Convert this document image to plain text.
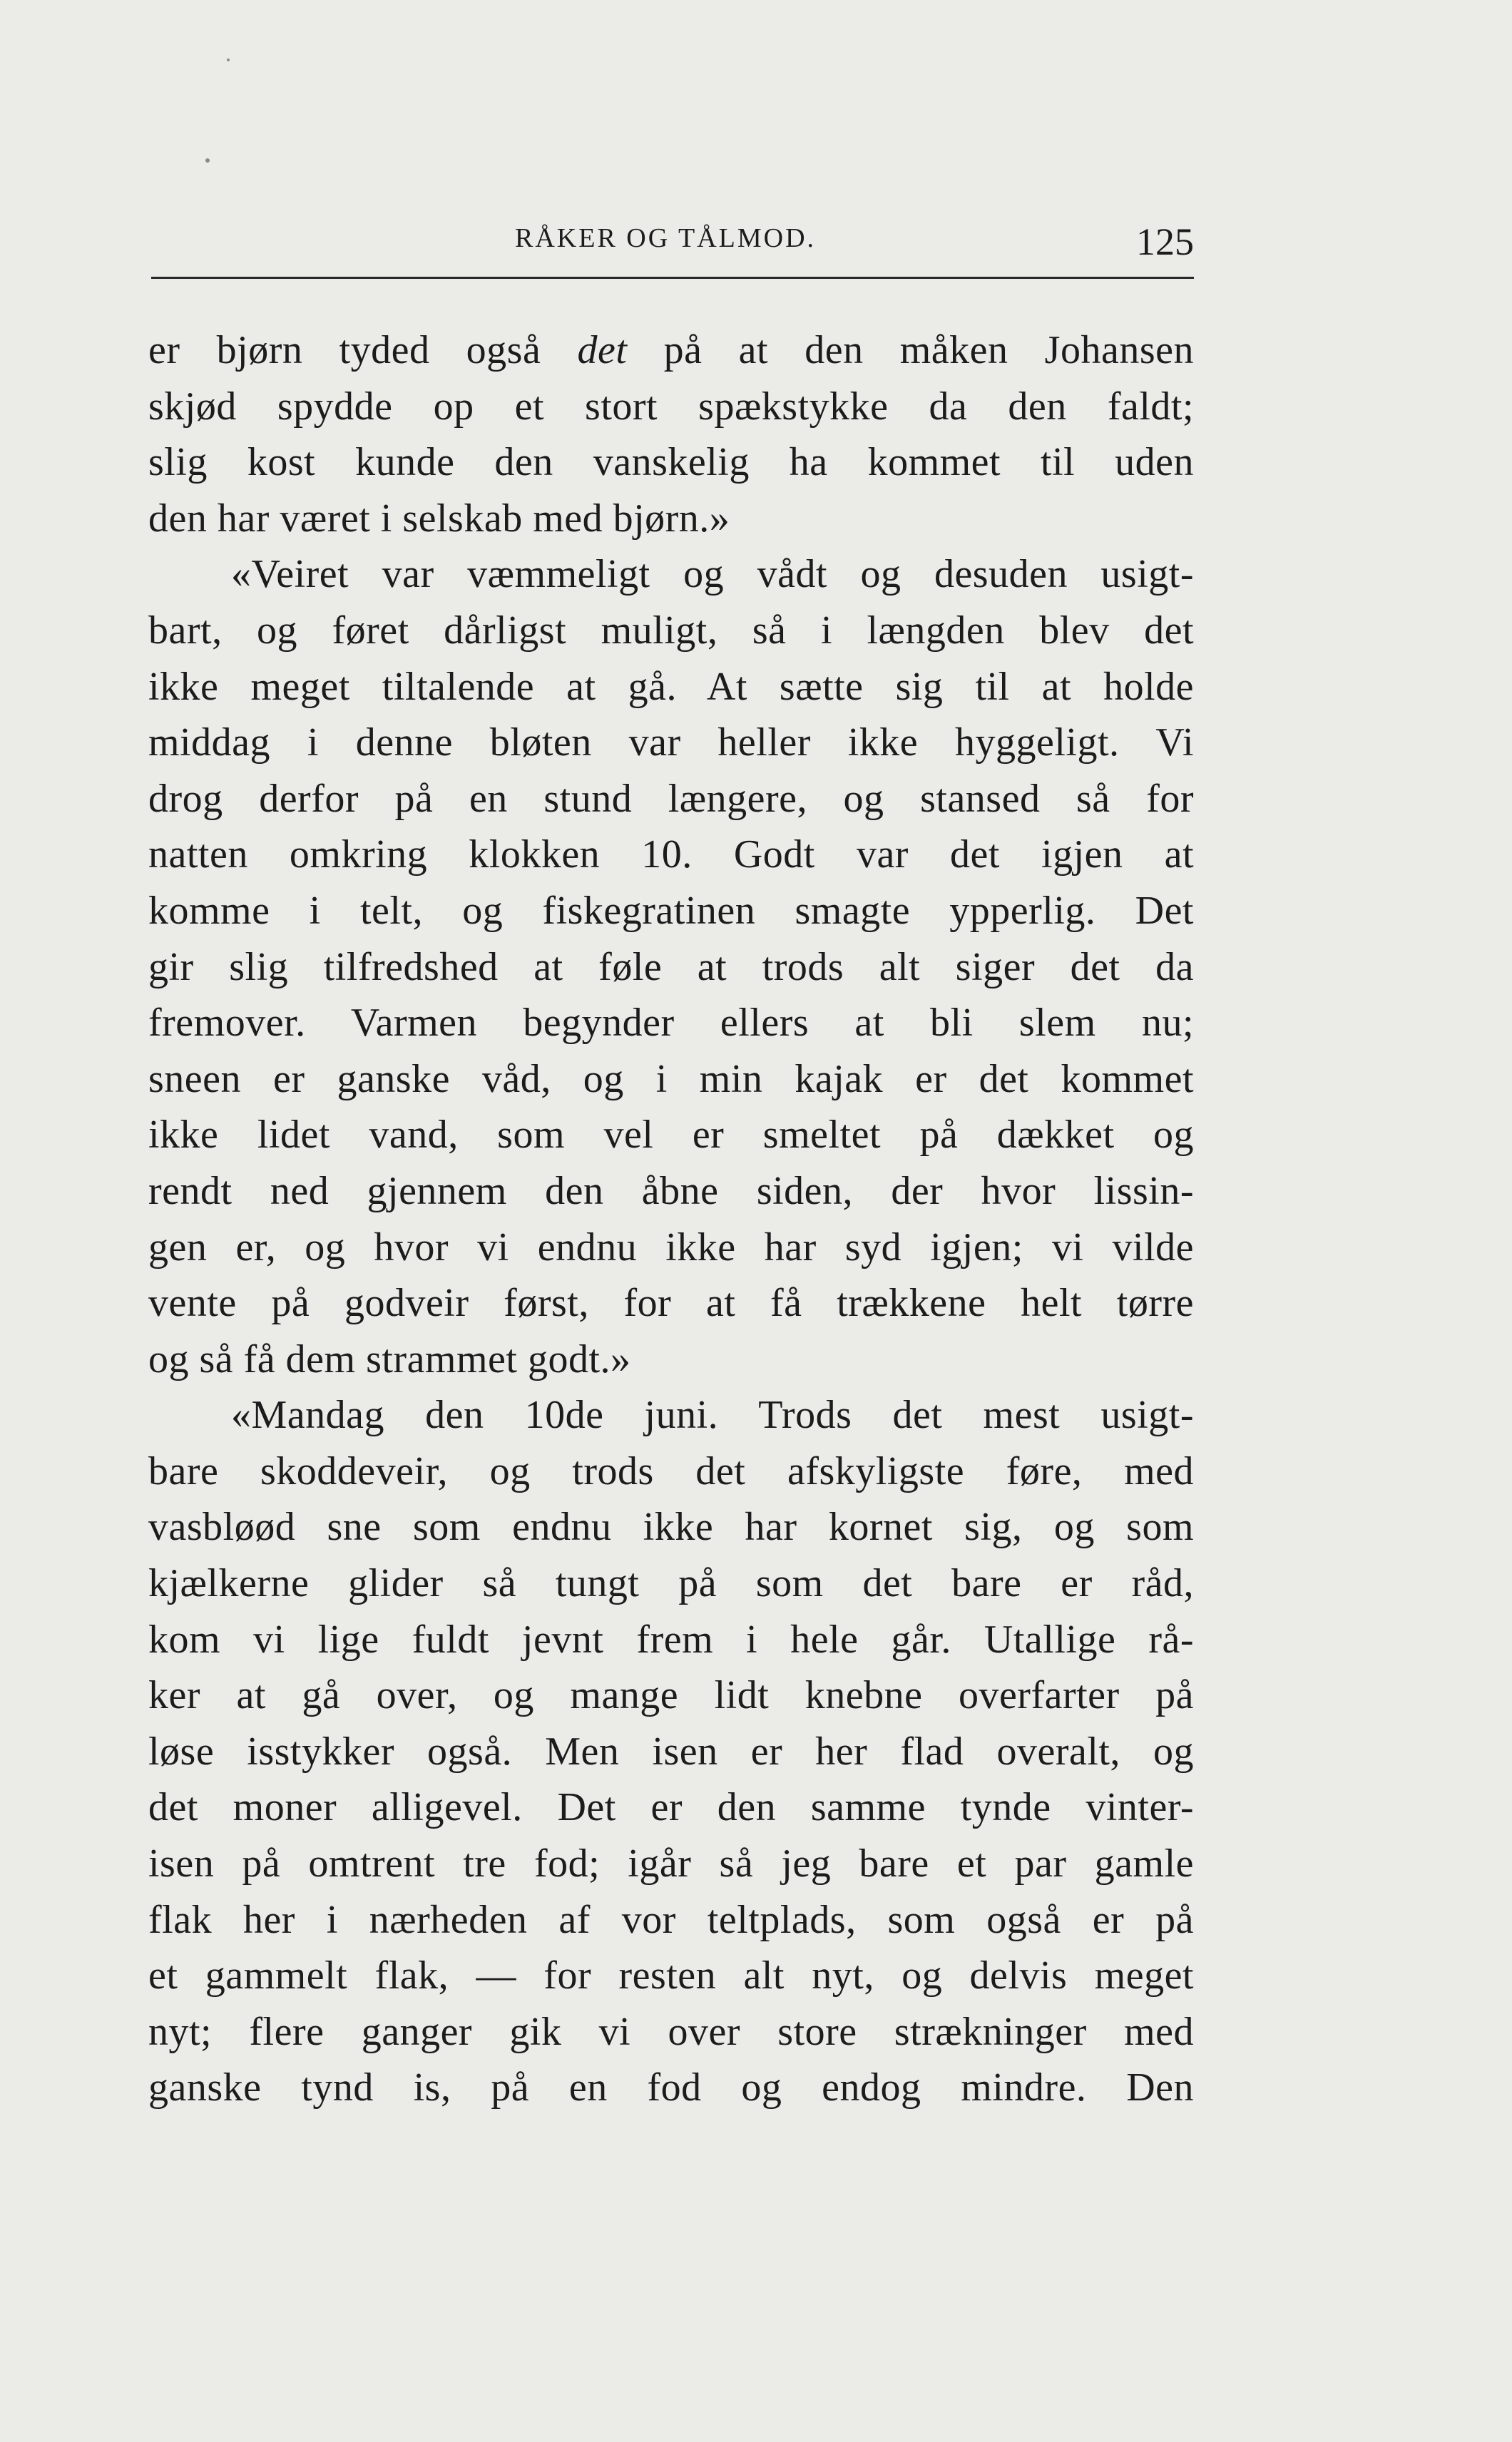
RÅKER OG TÅLMOD.	125
er bjørn tyded også det på at den måken Johansen
skjød spydde op et stort spækstykke da den faldt;
slig kost kunde den vanskelig ha kommet til uden
den har været i selskab med bjørn.»
«Veiret var væmmeligt og vådt og desuden usigt-
bart, og føret dårligst muligt, så i længden blev det
ikke meget tiltalende at gå. At sætte sig til at holde
middag i denne bløten var heller ikke hyggeligt. Vi
drog derfor på en stund længere, og stansed så for
natten omkring klokken 10. Godt var det igjen at
komme i telt, og fiskegratinen smagte ypperlig. Det
gir slig tilfredshed at føle at trods alt siger det da
fremover. Varmen begynder ellers at bli slem nu;
sneen er ganske våd, og i min kajak er det kommet
ikke lidet vand, som vel er smeltet på dækket og
rendt ned gjennem den åbne siden, der hvor lissin-
gen er, og hvor vi endnu ikke har syd igjen; vi vilde
vente på godveir først, for at få trækkene helt tørre
og så få dem strammet godt.»
«Mandag den 10de juni. Trods det mest usigt-
bare skoddeveir, og trods det afskyligste føre, med
vasbløød sne som endnu ikke har kornet sig, og som
kjælkerne glider så tungt på som det bare er råd,
kom vi lige fuldt jevnt frem i hele går. Utallige rå-
ker at gå over, og mange lidt knebne overfarter på
løse isstykker også. Men isen er her flad overalt, og
det moner alligevel. Det er den samme tynde vinter-
isen på omtrent tre fod; igår så jeg bare et par gamle
flak her i nærheden af vor teltplads, som også er på
et gammelt flak, — for resten alt nyt, og delvis meget
nyt; flere ganger gik vi over store strækninger med
ganske tynd is, på en fod og endog mindre. Den
